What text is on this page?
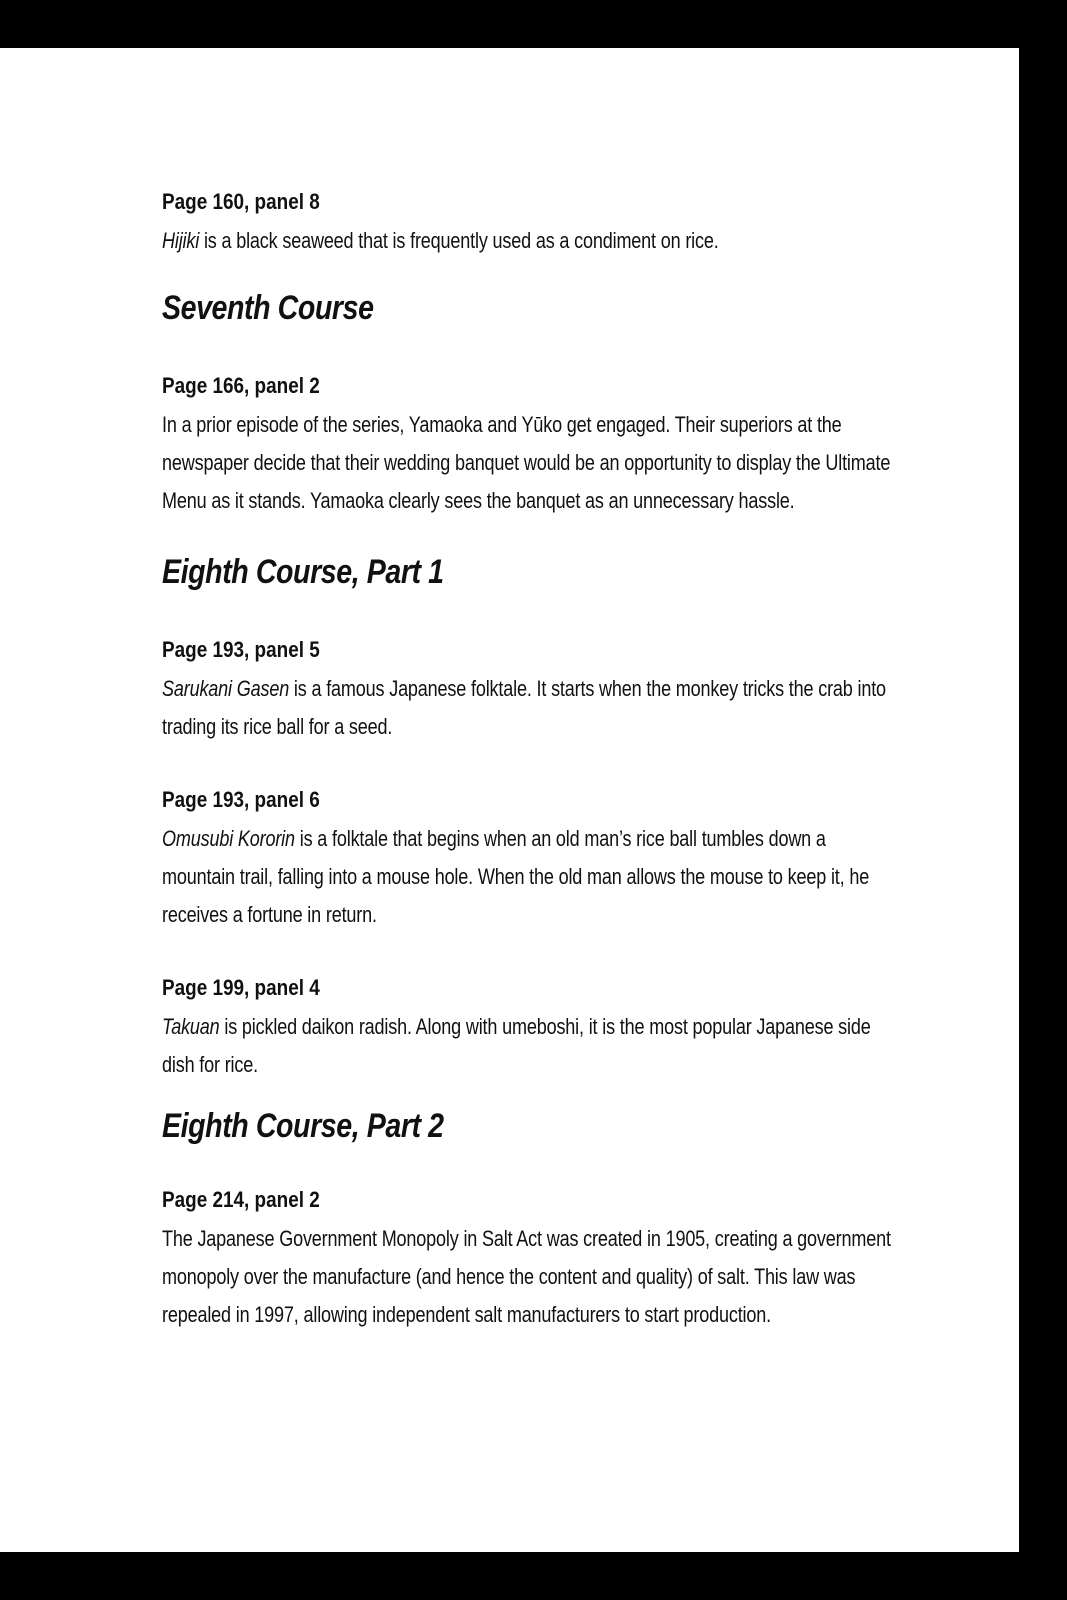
Page 160, panel 8

Hijiki is a black seaweed that is frequently used as a condiment on rice.

Seventh Course

Page 166, panel 2

In a prior episode of the series, Yamaoka and Yūko get engaged. Their superiors at the newspaper decide that their wedding banquet would be an opportunity to display the Ultimate Menu as it stands. Yamaoka clearly sees the banquet as an unnecessary hassle.

Eighth Course, Part 1

Page 193, panel 5

Sarukani Gasen is a famous Japanese folktale. It starts when the monkey tricks the crab into trading its rice ball for a seed.

Page 193, panel 6

Omusubi Kororin is a folktale that begins when an old man’s rice ball tumbles down a mountain trail, falling into a mouse hole. When the old man allows the mouse to keep it, he receives a fortune in return.

Page 199, panel 4

Takuan is pickled daikon radish. Along with umeboshi, it is the most popular Japanese side dish for rice.

Eighth Course, Part 2

Page 214, panel 2

The Japanese Government Monopoly in Salt Act was created in 1905, creating a government monopoly over the manufacture (and hence the content and quality) of salt. This law was repealed in 1997, allowing independent salt manufacturers to start production.
